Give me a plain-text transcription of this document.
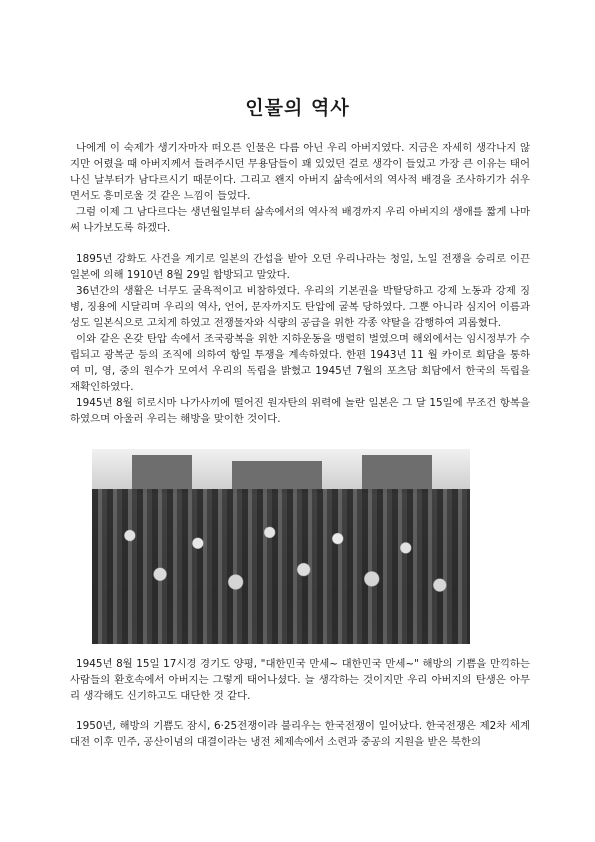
인물의 역사

나에게 이 숙제가 생기자마자 떠오른 인물은 다름 아닌 우리 아버지였다. 지금은 자세히 생각나지 않지만 어렸을 때 아버지께서 들려주시던 무용담들이 꽤 있었던 걸로 생각이 들었고 가장 큰 이유는 태어나신 날부터가 남다르시기 때문이다. 그리고 왠지 아버지 삶속에서의 역사적 배경을 조사하기가 쉬우면서도 흥미로울 것 같은 느낌이 들었다.

그럼 이제 그 남다르다는 생년월일부터 삶속에서의 역사적 배경까지 우리 아버지의 생애를 짧게 나마 써 나가보도록 하겠다.

1895년 강화도 사건을 계기로 일본의 간섭을 받아 오던 우리나라는 청일, 노일 전쟁을 승리로 이끈 일본에 의해 1910년 8월 29일 합방되고 말았다.

36년간의 생활은 너무도 굴욕적이고 비참하였다. 우리의 기본권을 박탈당하고 강제 노동과 강제 징병, 징용에 시달리며 우리의 역사, 언어, 문자까지도 탄압에 굴복 당하였다. 그뿐 아니라 심지어 이름과 성도 일본식으로 고치게 하였고 전쟁물자와 식량의 공급을 위한 각종 약탈을 감행하여 괴롭혔다.

이와 같은 온갖 탄압 속에서 조국광복을 위한 지하운동을 맹렬히 벌였으며 해외에서는 임시정부가 수립되고 광복군 등의 조직에 의하여 항일 투쟁을 계속하였다. 한편 1943년 11 월 카이로 회담을 통하여 미, 영, 중의 원수가 모여서 우리의 독립을 밝혔고 1945년 7월의 포츠담 회담에서 한국의 독립을 재확인하였다.

1945년 8월 히로시마 나가사끼에 떨어진 원자탄의 위력에 놀란 일본은 그 달 15일에 무조건 항복을 하였으며 아울러 우리는 해방을 맞이한 것이다.

1945년 8월 15일 17시경 경기도 양평, "대한민국 만세~ 대한민국 만세~" 해방의 기쁨을 만끽하는 사람들의 환호속에서 아버지는 그렇게 태어나셨다. 늘 생각하는 것이지만 우리 아버지의 탄생은 아무리 생각해도 신기하고도 대단한 것 같다.

1950년, 해방의 기쁨도 잠시, 6·25전쟁이라 불리우는 한국전쟁이 일어났다. 한국전쟁은 제2차 세계대전 이후 민주, 공산이념의 대결이라는 냉전 체제속에서 소련과 중공의 지원을 받은 북한의
